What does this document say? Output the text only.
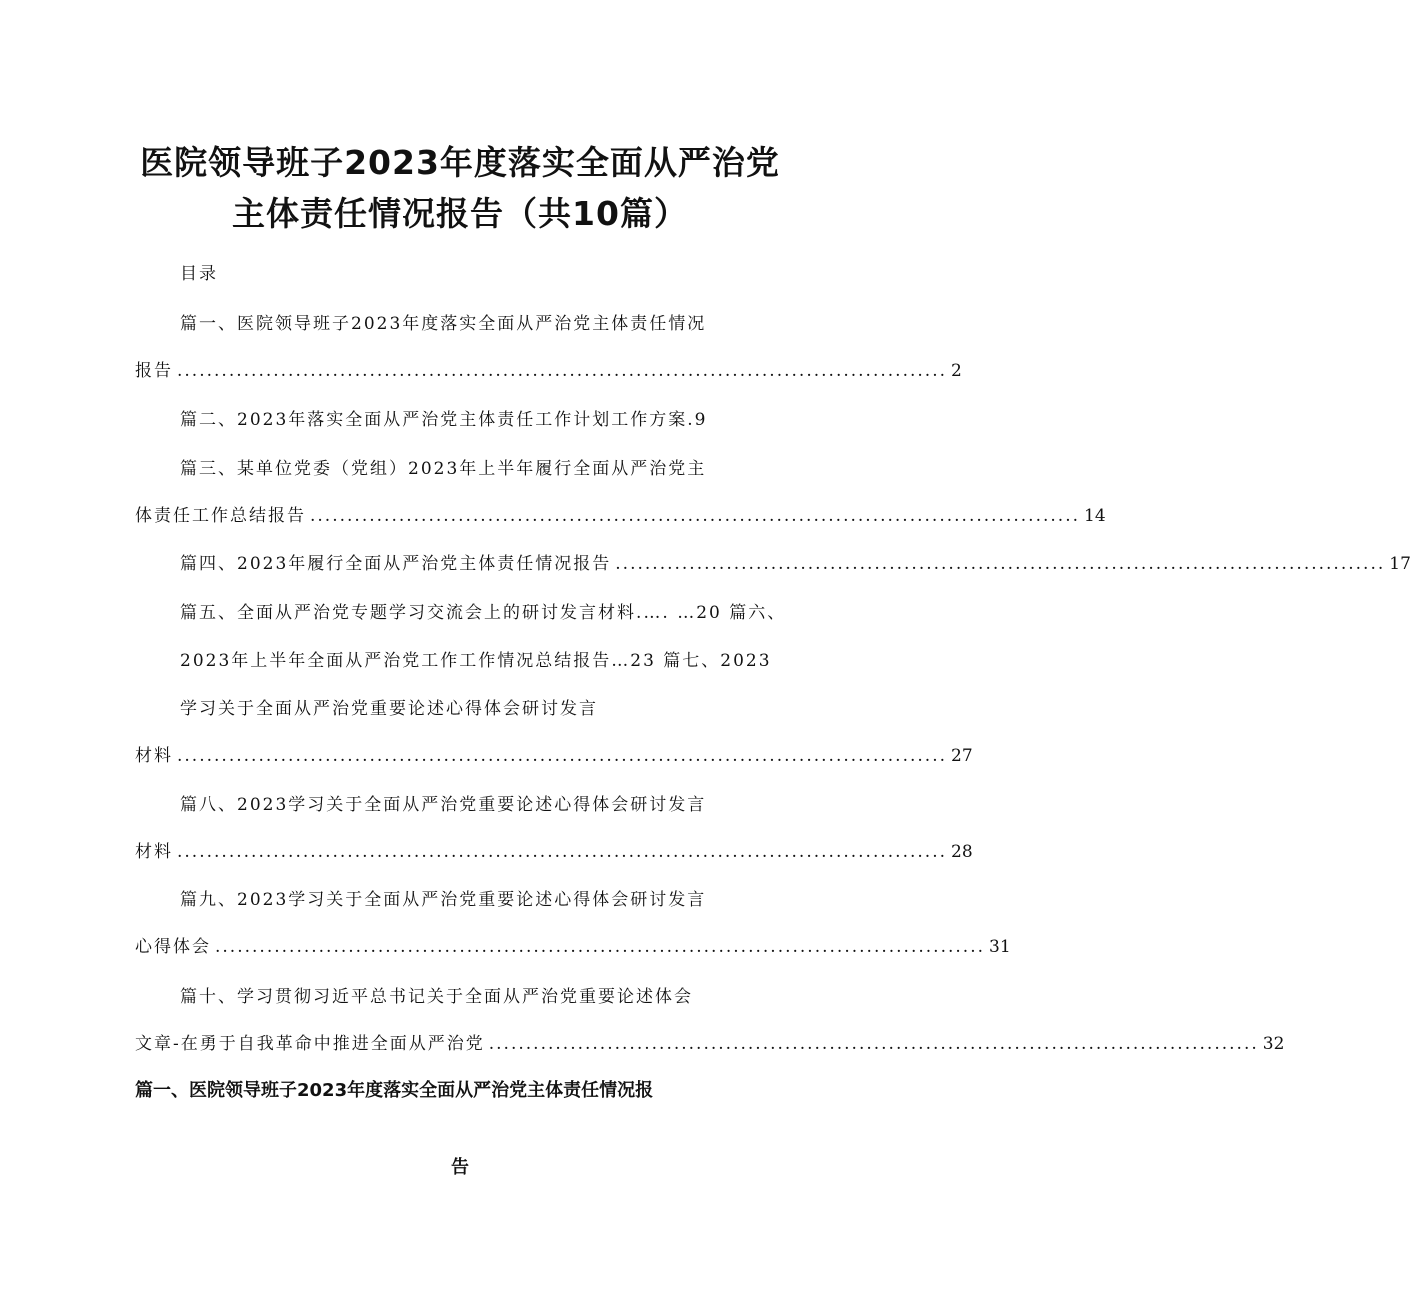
医院领导班子2023年度落实全面从严治党
主体责任情况报告（共10篇）
目录
篇一、医院领导班子2023年度落实全面从严治党主体责任情况
报告 ........................................................................................................ 2
篇二、2023年落实全面从严治党主体责任工作计划工作方案.9
篇三、某单位党委（党组）2023年上半年履行全面从严治党主
体责任工作总结报告 ........................................................................................................ 14
篇四、2023年履行全面从严治党主体责任情况报告 ........................................................................................................ 17
篇五、全面从严治党专题学习交流会上的研讨发言材料.…. …20 篇六、
2023年上半年全面从严治党工作工作情况总结报告…23 篇七、2023
学习关于全面从严治党重要论述心得体会研讨发言
材料 ........................................................................................................ 27
篇八、2023学习关于全面从严治党重要论述心得体会研讨发言
材料 ........................................................................................................ 28
篇九、2023学习关于全面从严治党重要论述心得体会研讨发言
心得体会 ........................................................................................................ 31
篇十、学习贯彻习近平总书记关于全面从严治党重要论述体会
文章-在勇于自我革命中推进全面从严治党 ........................................................................................................ 32
篇一、医院领导班子2023年度落实全面从严治党主体责任情况报
告
